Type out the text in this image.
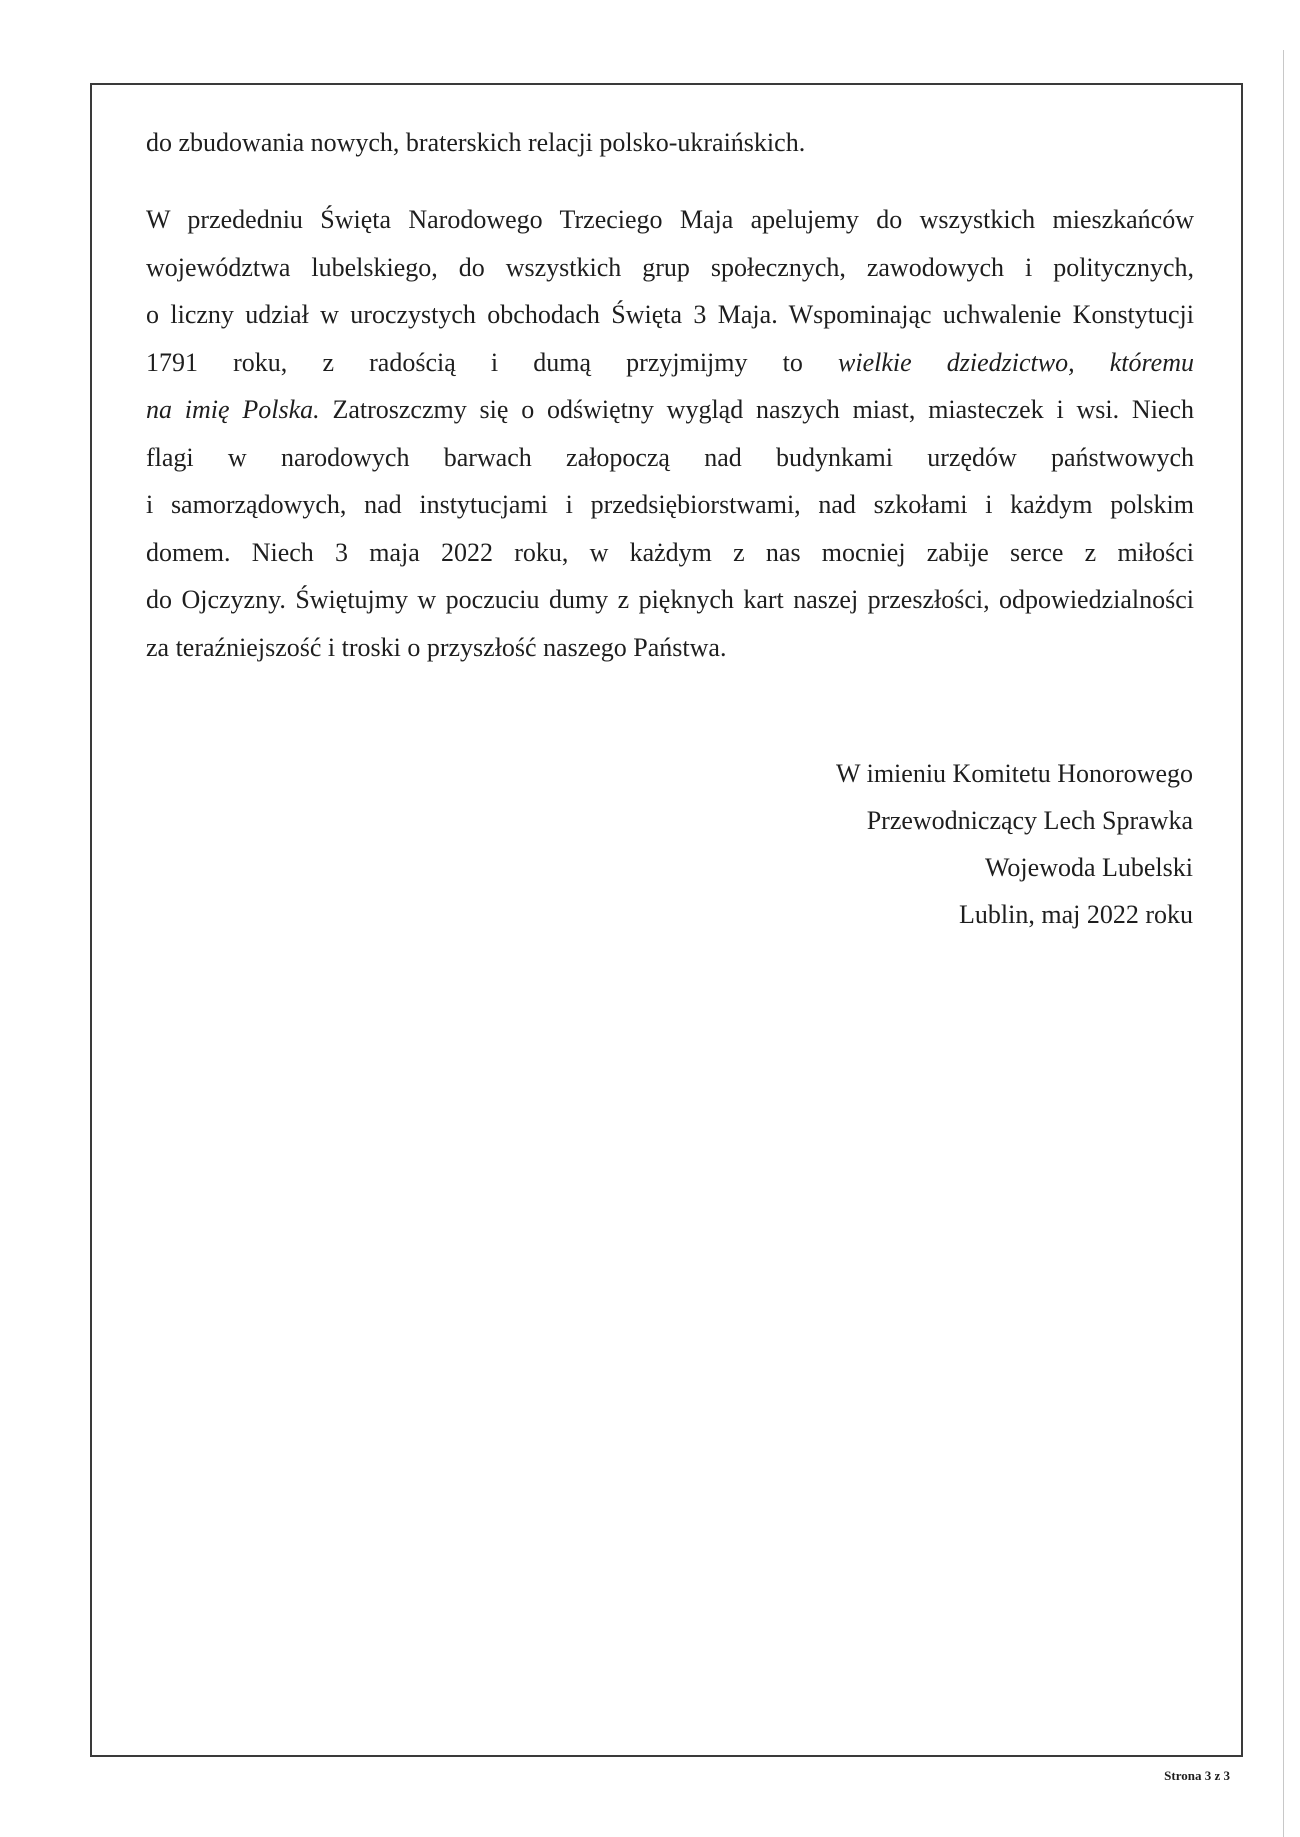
do zbudowania nowych, braterskich relacji polsko-ukraińskich.

W przededniu Święta Narodowego Trzeciego Maja apelujemy do wszystkich mieszkańców
województwa lubelskiego, do wszystkich grup społecznych, zawodowych i politycznych,
o liczny udział w uroczystych obchodach Święta 3 Maja. Wspominając uchwalenie Konstytucji
1791 roku, z radością i dumą przyjmijmy to wielkie dziedzictwo, któremu
na imię Polska. Zatroszczmy się o odświętny wygląd naszych miast, miasteczek i wsi. Niech
flagi w narodowych barwach załopoczą nad budynkami urzędów państwowych
i samorządowych, nad instytucjami i przedsiębiorstwami, nad szkołami i każdym polskim
domem. Niech 3 maja 2022 roku, w każdym z nas mocniej zabije serce z miłości
do Ojczyzny. Świętujmy w poczuciu dumy z pięknych kart naszej przeszłości, odpowiedzialności
za teraźniejszość i troski o przyszłość naszego Państwa.
W imieniu Komitetu Honorowego
Przewodniczący Lech Sprawka
Wojewoda Lubelski
Lublin, maj 2022 roku
Strona 3 z 3
